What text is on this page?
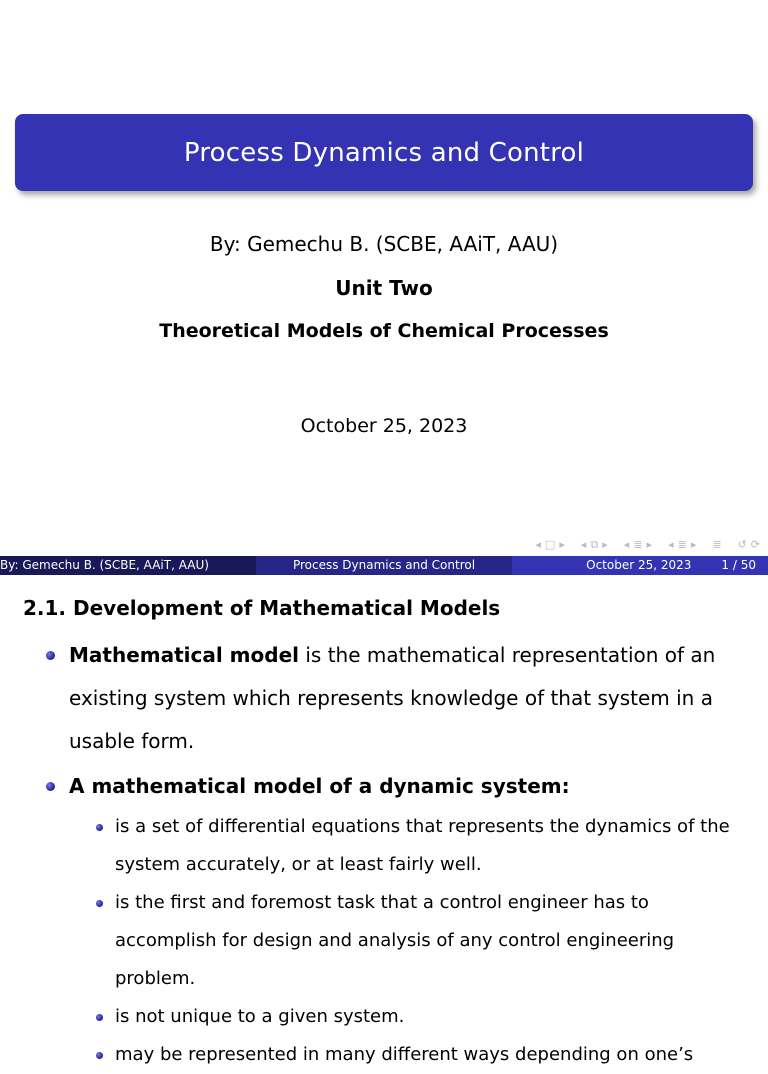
Process Dynamics and Control
By: Gemechu B. (SCBE, AAiT, AAU)
Unit Two
Theoretical Models of Chemical Processes
October 25, 2023
◂ □ ▸ ◂ ⧉ ▸ ◂ ≣ ▸ ◂ ≣ ▸ ≣ ↺ ⟳
By: Gemechu B. (SCBE, AAiT, AAU)	Process Dynamics and Control	October 25, 2023	1 / 50
2.1. Development of Mathematical Models
Mathematical model is the mathematical representation of an existing system which represents knowledge of that system in a usable form.
A mathematical model of a dynamic system:
is a set of differential equations that represents the dynamics of the system accurately, or at least fairly well.
is the first and foremost task that a control engineer has to accomplish for design and analysis of any control engineering problem.
is not unique to a given system.
may be represented in many different ways depending on one’s
